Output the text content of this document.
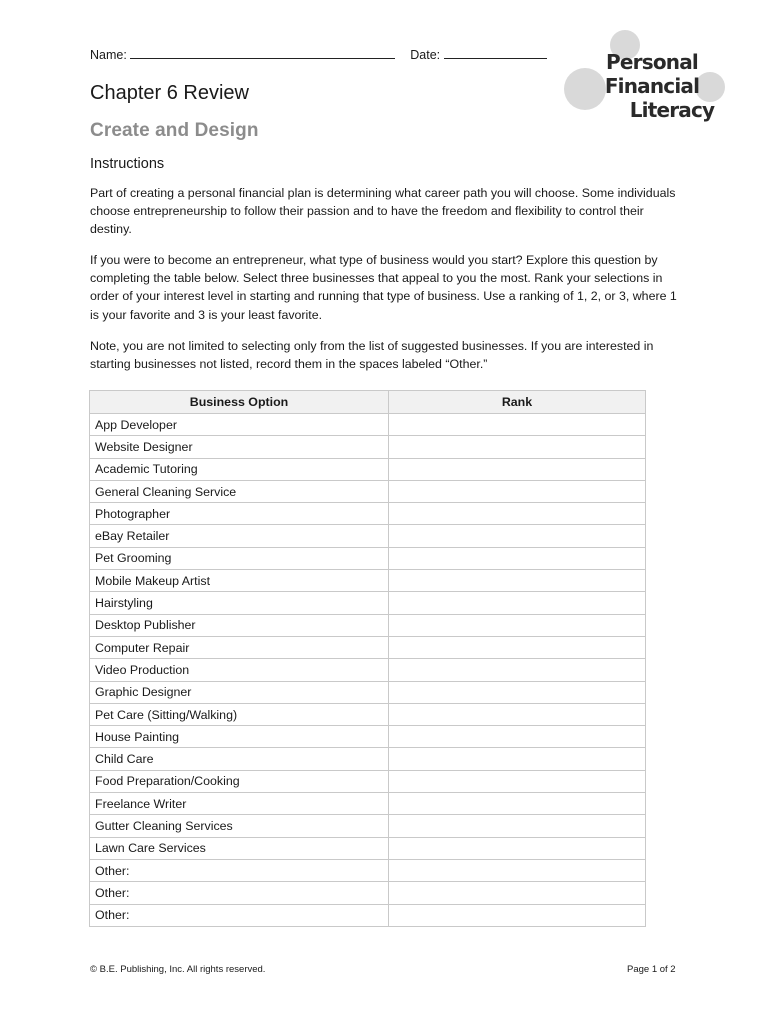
Name:	Date:	Personal Financial
Literacy
Chapter 6 Review
Create and Design
Instructions

Part of creating a personal financial plan is determining what career path you will choose. Some individuals choose entrepreneurship to follow their passion and to have the freedom and flexibility to control their destiny.

If you were to become an entrepreneur, what type of business would you start? Explore this question by completing the table below. Select three businesses that appeal to you the most. Rank your selections in order of your interest level in starting and running that type of business. Use a ranking of 1, 2, or 3, where 1 is your favorite and 3 is your least favorite.

Note, you are not limited to selecting only from the list of suggested businesses. If you are interested in starting businesses not listed, record them in the spaces labeled “Other.”

Business Option	Rank
App Developer	
Website Designer	
Academic Tutoring	
General Cleaning Service	
Photographer	
eBay Retailer	
Pet Grooming	
Mobile Makeup Artist	
Hairstyling	
Desktop Publisher	
Computer Repair	
Video Production	
Graphic Designer	
Pet Care (Sitting/Walking)	
House Painting	
Child Care	
Food Preparation/Cooking	
Freelance Writer	
Gutter Cleaning Services	
Lawn Care Services	
Other:	
Other:	
Other:	
© B.E. Publishing, Inc. All rights reserved.	Page 1 of 2
